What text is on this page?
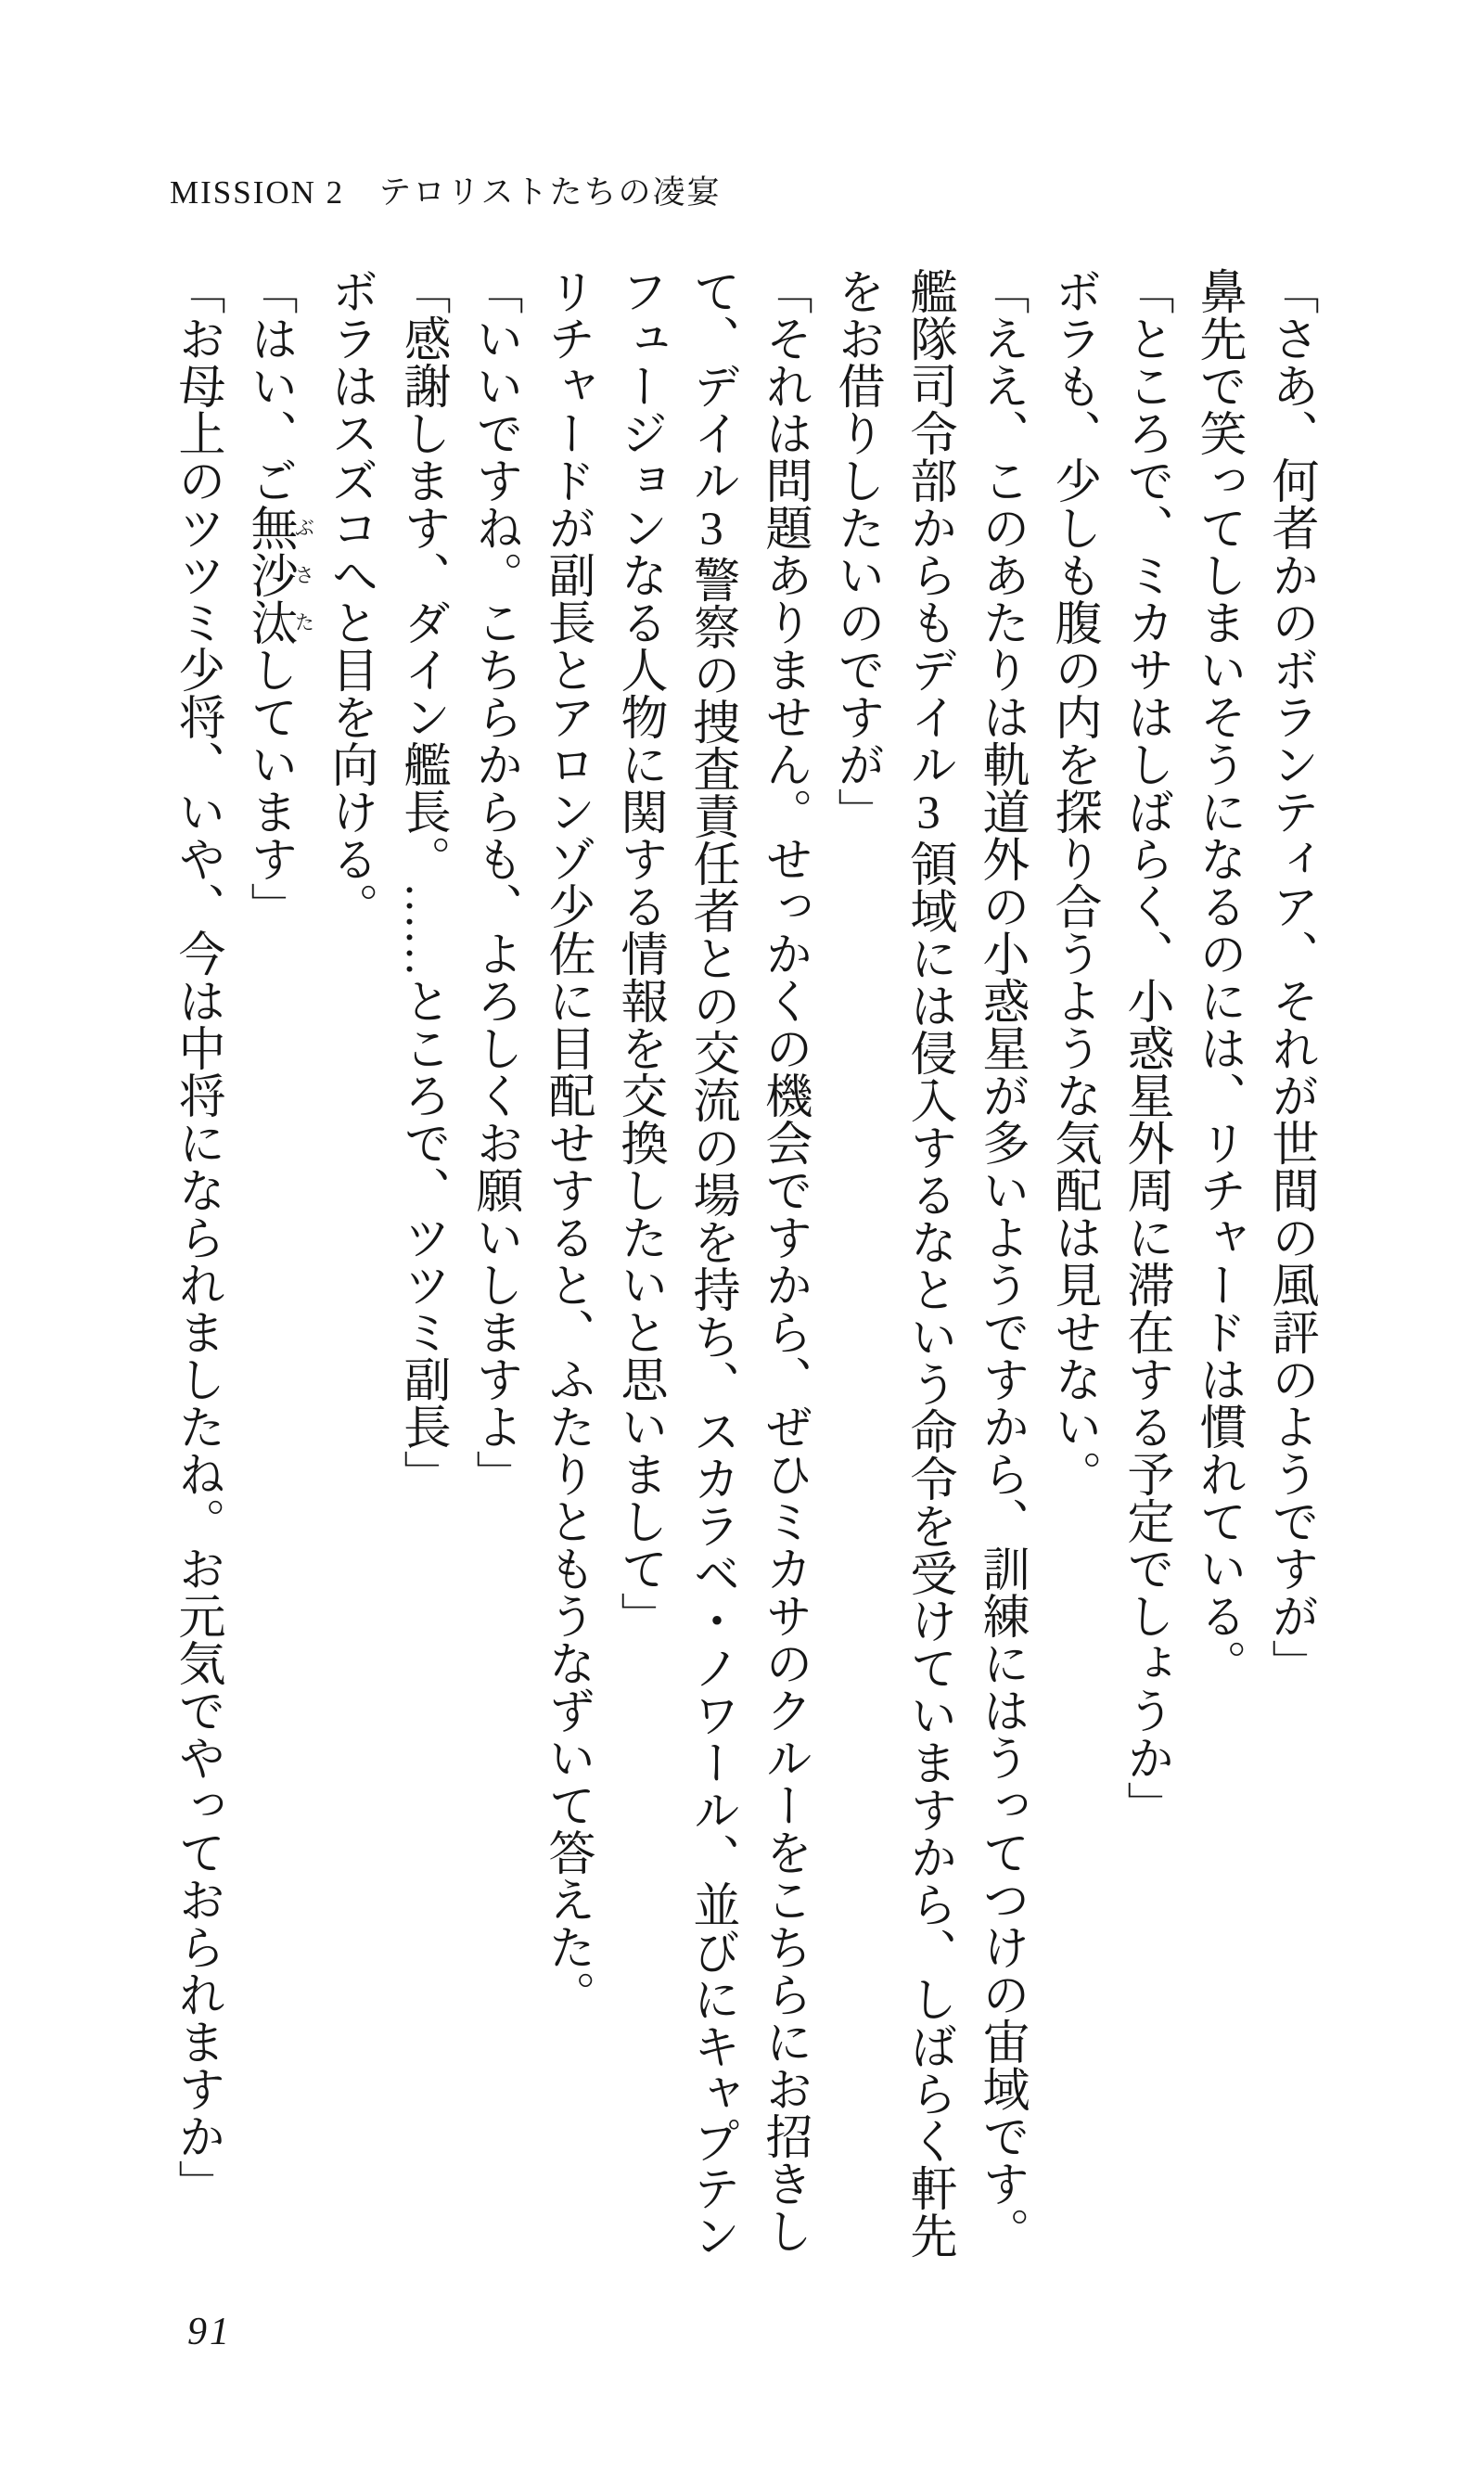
MISSION 2　テロリストたちの凌宴
「さあ、何者かのボランティア、それが世間の風評のようですが」
鼻先で笑ってしまいそうになるのには、リチャードは慣れている。
「ところで、ミカサはしばらく、小惑星外周に滞在する予定でしょうか」
ボラも、少しも腹の内を探り合うような気配は見せない。
「ええ、このあたりは軌道外の小惑星が多いようですから、訓練にはうってつけの宙域です。
艦隊司令部からもデイル3領域には侵入するなという命令を受けていますから、しばらく軒先
をお借りしたいのですが」
「それは問題ありません。せっかくの機会ですから、ぜひミカサのクルーをこちらにお招きし
て、デイル3警察の捜査責任者との交流の場を持ち、スカラベ・ノワール、並びにキャプテン
フュージョンなる人物に関する情報を交換したいと思いまして」
リチャードが副長とアロンゾ少佐に目配せすると、ふたりともうなずいて答えた。
「いいですね。こちらからも、よろしくお願いしますよ」
「感謝します、ダイン艦長。……ところで、ツツミ副長」
ボラはスズコへと目を向ける。
「はい、ご無沙汰ぶさたしています」
「お母上のツツミ少将、いや、今は中将になられましたね。お元気でやっておられますか」
91
